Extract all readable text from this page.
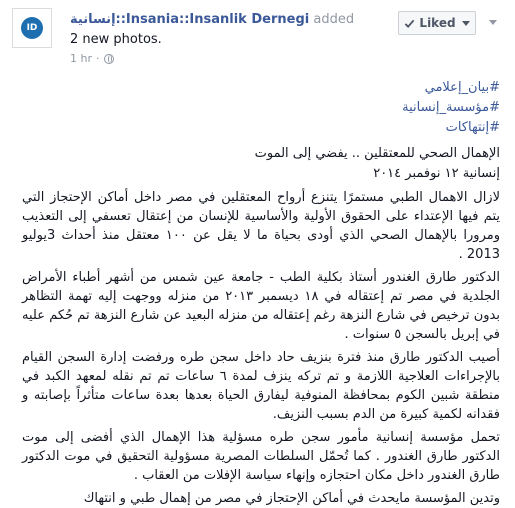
ID
إنسانية::Insania::Insanlik Dernegi added
2 new photos.
1 hr ·
Liked
#بيان_إعلامي
#مؤسسة_إنسانية
#إنتهاكات
الإهمال الصحي للمعتقلين .. يفضي إلى الموت
إنسانية ١٢ نوفمبر ٢٠١٤

لازال الاهمال الطبي مستمرًا يتنزع أرواح المعتقلين في مصر داخل أماكن الإحتجاز التي يتم فيها الإعتداء على الحقوق الأولية والأساسية للإنسان من إعتقال تعسفي إلى التعذيب ومرورا بالإهمال الصحي الذي أودى بحياة ما لا يقل عن ١٠٠ معتقل منذ أحداث 3يوليو 2013 .

الدكتور طارق الغندور أستاذ بكلية الطب - جامعة عين شمس من أشهر أطباء الأمراض الجلدية في مصر تم إعتقاله في ١٨ ديسمبر ٢٠١٣ من منزله ووجهت إليه تهمة التظاهر بدون ترخيص في شارع النزهة رغم إعتقاله من منزله البعيد عن شارع النزهة تم حُكم عليه في إبريل بالسجن ٥ سنوات .

أصيب الدكتور طارق منذ فترة بنزيف حاد داخل سجن طره ورفضت إدارة السجن القيام بالإجراءات العلاجية اللازمة و تم تركه ينزف لمدة ٦ ساعات تم تم نقله لمعهد الكبد في منطقة شبين الكوم بمحافظة المنوفية ليفارق الحياة بعدها بعدة ساعات متأثراً بإصابته و فقدانه لكمية كبيرة من الدم بسبب النزيف.

تحمل مؤسسة إنسانية مأمور سجن طره مسؤلية هذا الإهمال الذي أفضى إلى موت الدكتور طارق الغندور . كما تُحمّل السلطات المصرية مسؤولية التحقيق في موت الدكتور طارق الغندور داخل مكان احتجازه وإنهاء سياسة الإفلات من العقاب .

وتدين المؤسسة مايحدث في أماكن الإحتجاز في مصر من إهمال طبي و انتهاك
